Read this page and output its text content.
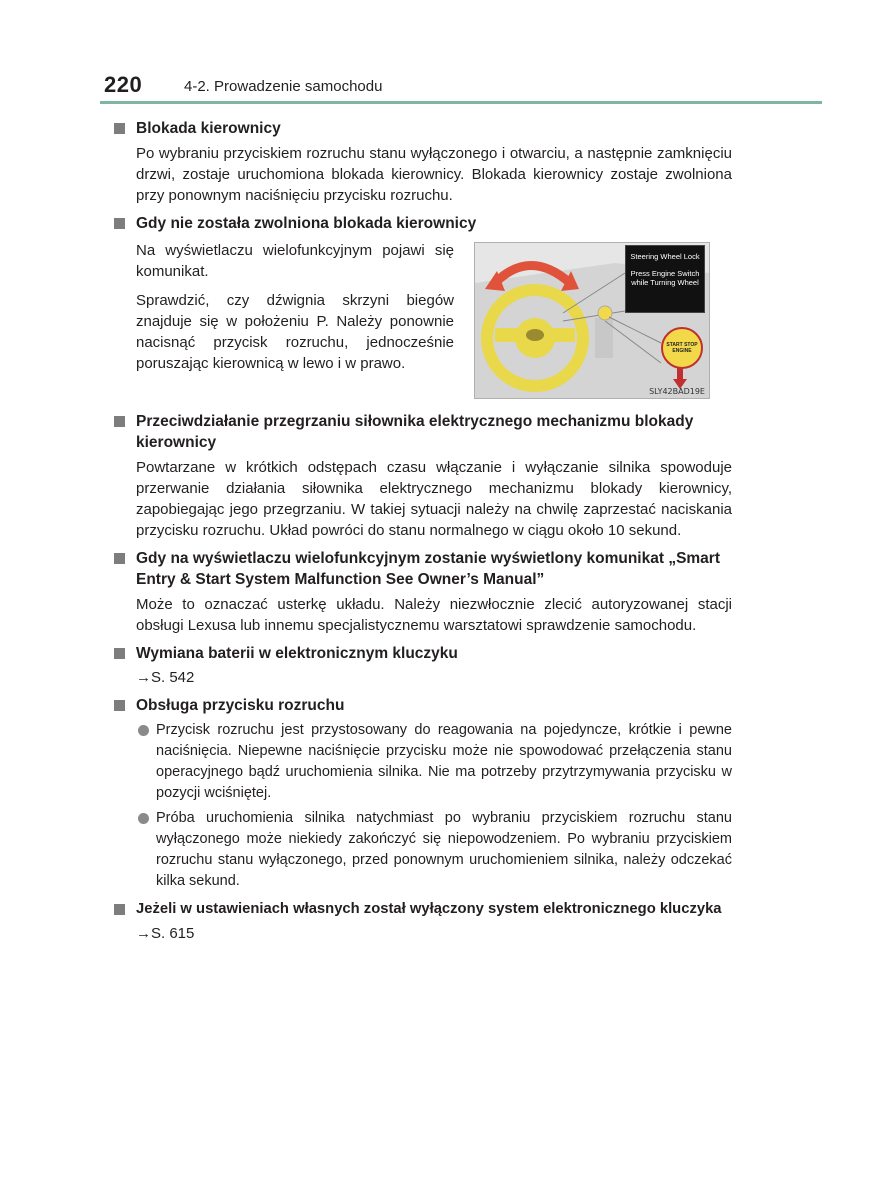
220	4-2. Prowadzenie samochodu
Blokada kierownicy
Po wybraniu przyciskiem rozruchu stanu wyłączonego i otwarciu, a następnie zamknięciu drzwi, zostaje uruchomiona blokada kierownicy. Blokada kierownicy zostaje zwolniona przy ponownym naciśnięciu przycisku rozruchu.
Gdy nie została zwolniona blokada kierownicy
Na wyświetlaczu wielofunkcyjnym pojawi się komunikat.
Sprawdzić, czy dźwignia skrzyni biegów znajduje się w położeniu P. Należy ponownie nacisnąć przycisk rozruchu, jednocześnie poruszając kierownicą w lewo i w prawo.
Steering Wheel Lock
Press Engine Switch while Turning Wheel
START STOP ENGINE
SLY42BAD19E
Przeciwdziałanie przegrzaniu siłownika elektrycznego mechanizmu blokady kierownicy
Powtarzane w krótkich odstępach czasu włączanie i wyłączanie silnika spowoduje przerwanie działania siłownika elektrycznego mechanizmu blokady kierownicy, zapobiegając jego przegrzaniu. W takiej sytuacji należy na chwilę zaprzestać naciskania przycisku rozruchu. Układ powróci do stanu normalnego w ciągu około 10 sekund.
Gdy na wyświetlaczu wielofunkcyjnym zostanie wyświetlony komunikat „Smart Entry & Start System Malfunction See Owner’s Manual”
Może to oznaczać usterkę układu. Należy niezwłocznie zlecić autoryzowanej stacji obsługi Lexusa lub innemu specjalistycznemu warsztatowi sprawdzenie samochodu.
Wymiana baterii w elektronicznym kluczyku
→S. 542
Obsługa przycisku rozruchu
Przycisk rozruchu jest przystosowany do reagowania na pojedyncze, krótkie i pewne naciśnięcia. Niepewne naciśnięcie przycisku może nie spowodować przełączenia stanu operacyjnego bądź uruchomienia silnika. Nie ma potrzeby przytrzymywania przycisku w pozycji wciśniętej.
Próba uruchomienia silnika natychmiast po wybraniu przyciskiem rozruchu stanu wyłączonego może niekiedy zakończyć się niepowodzeniem. Po wybraniu przyciskiem rozruchu stanu wyłączonego, przed ponownym uruchomieniem silnika, należy odczekać kilka sekund.
Jeżeli w ustawieniach własnych został wyłączony system elektronicznego kluczyka
→S. 615
